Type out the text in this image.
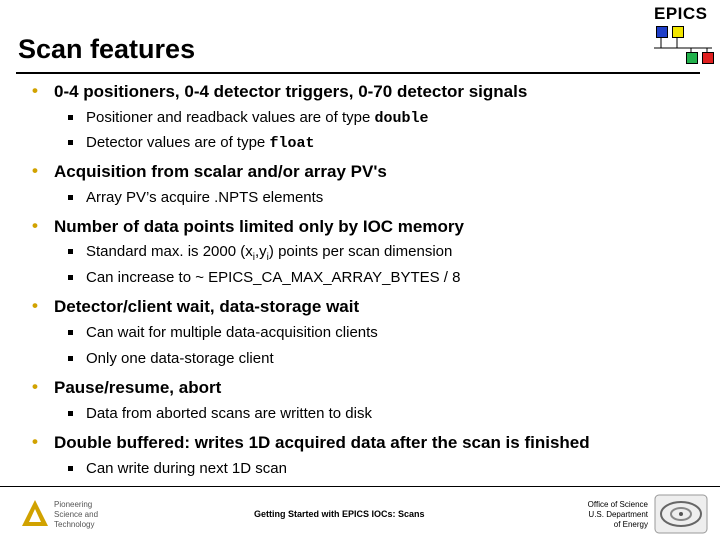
EPICS
Scan features
• 0-4 positioners, 0-4 detector triggers, 0-70 detector signals
Positioner and readback values are of type double
Detector values are of type float
• Acquisition from scalar and/or array PV's
Array PV’s acquire .NPTS elements
• Number of data points limited only by IOC memory
Standard max. is 2000 $(x_i,y_i)$ points per scan dimension
Can increase to ~ EPICS_CA_MAX_ARRAY_BYTES / 8
• Detector/client wait, data-storage wait
Can wait for multiple data-acquisition clients
Only one data-storage client
• Pause/resume, abort
Data from aborted scans are written to disk
• Double buffered: writes 1D acquired data after the scan is finished
Can write during next 1D scan
Pioneering
Science and
Technology
Getting Started with EPICS IOCs: Scans
Office of Science
U.S. Department
of Energy
